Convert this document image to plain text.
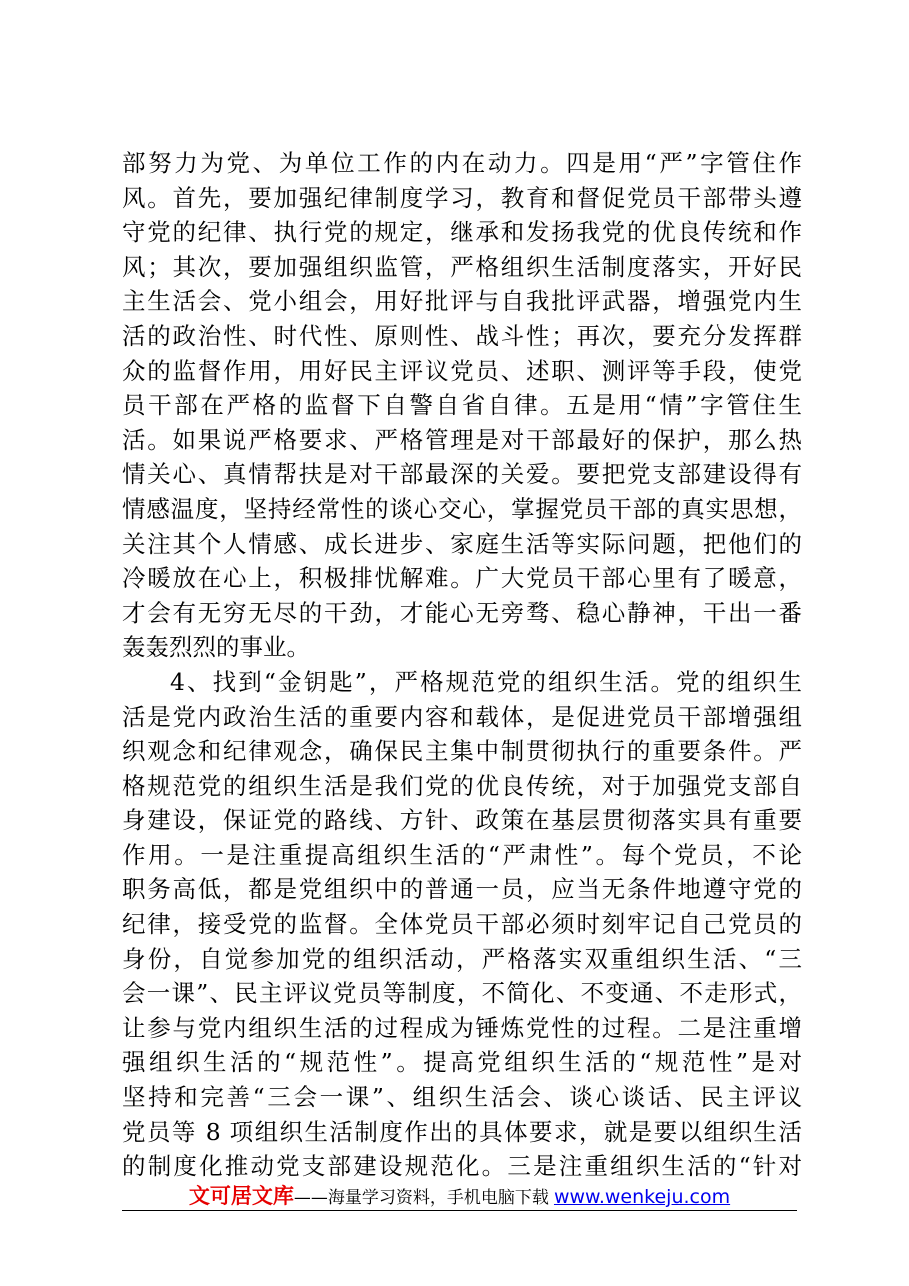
部努力为党、为单位工作的内在动力。四是用“严”字管住作
风。首先，要加强纪律制度学习，教育和督促党员干部带头遵
守党的纪律、执行党的规定，继承和发扬我党的优良传统和作
风；其次，要加强组织监管，严格组织生活制度落实，开好民
主生活会、党小组会，用好批评与自我批评武器，增强党内生
活的政治性、时代性、原则性、战斗性；再次，要充分发挥群
众的监督作用，用好民主评议党员、述职、测评等手段，使党
员干部在严格的监督下自警自省自律。五是用“情”字管住生
活。如果说严格要求、严格管理是对干部最好的保护，那么热
情关心、真情帮扶是对干部最深的关爱。要把党支部建设得有
情感温度，坚持经常性的谈心交心，掌握党员干部的真实思想，
关注其个人情感、成长进步、家庭生活等实际问题，把他们的
冷暖放在心上，积极排忧解难。广大党员干部心里有了暖意，
才会有无穷无尽的干劲，才能心无旁骛、稳心静神，干出一番
轰轰烈烈的事业。
4、找到“金钥匙”，严格规范党的组织生活。党的组织生
活是党内政治生活的重要内容和载体，是促进党员干部增强组
织观念和纪律观念，确保民主集中制贯彻执行的重要条件。严
格规范党的组织生活是我们党的优良传统，对于加强党支部自
身建设，保证党的路线、方针、政策在基层贯彻落实具有重要
作用。一是注重提高组织生活的“严肃性”。每个党员，不论
职务高低，都是党组织中的普通一员，应当无条件地遵守党的
纪律，接受党的监督。全体党员干部必须时刻牢记自己党员的
身份，自觉参加党的组织活动，严格落实双重组织生活、“三
会一课”、民主评议党员等制度，不简化、不变通、不走形式，
让参与党内组织生活的过程成为锤炼党性的过程。二是注重增
强组织生活的“规范性”。提高党组织生活的“规范性”是对
坚持和完善“三会一课”、组织生活会、谈心谈话、民主评议
党员等 8 项组织生活制度作出的具体要求，就是要以组织生活
的制度化推动党支部建设规范化。三是注重组织生活的“针对
文可居文库——海量学习资料，手机电脑下载 www.wenkeju.com
